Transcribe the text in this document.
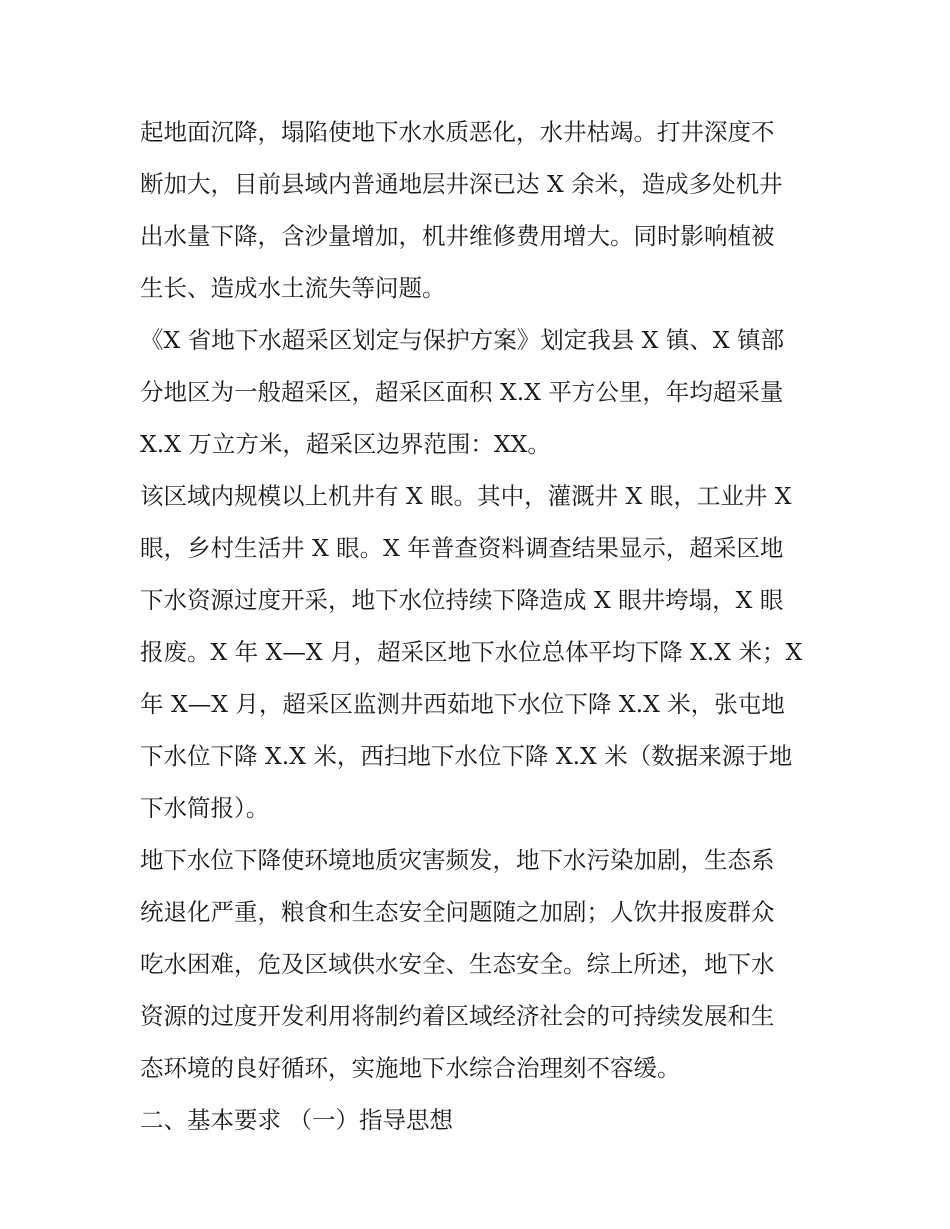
起地面沉降，塌陷使地下水水质恶化，水井枯竭。打井深度不
断加大，目前县域内普通地层井深已达 X 余米，造成多处机井
出水量下降，含沙量增加，机井维修费用增大。同时影响植被
生长、造成水土流失等问题。
《X 省地下水超采区划定与保护方案》划定我县 X 镇、X 镇部
分地区为一般超采区，超采区面积 X.X 平方公里，年均超采量
X.X 万立方米，超采区边界范围：XX。
该区域内规模以上机井有 X 眼。其中，灌溉井 X 眼，工业井 X
眼，乡村生活井 X 眼。X 年普查资料调查结果显示，超采区地
下水资源过度开采，地下水位持续下降造成 X 眼井垮塌，X 眼
报废。X 年 X—X 月，超采区地下水位总体平均下降 X.X 米；X
年 X—X 月，超采区监测井西茹地下水位下降 X.X 米，张屯地
下水位下降 X.X 米，西扫地下水位下降 X.X 米（数据来源于地
下水简报）。
地下水位下降使环境地质灾害频发，地下水污染加剧，生态系
统退化严重，粮食和生态安全问题随之加剧；人饮井报废群众
吃水困难，危及区域供水安全、生态安全。综上所述，地下水
资源的过度开发利用将制约着区域经济社会的可持续发展和生
态环境的良好循环，实施地下水综合治理刻不容缓。
二、基本要求 （一）指导思想
